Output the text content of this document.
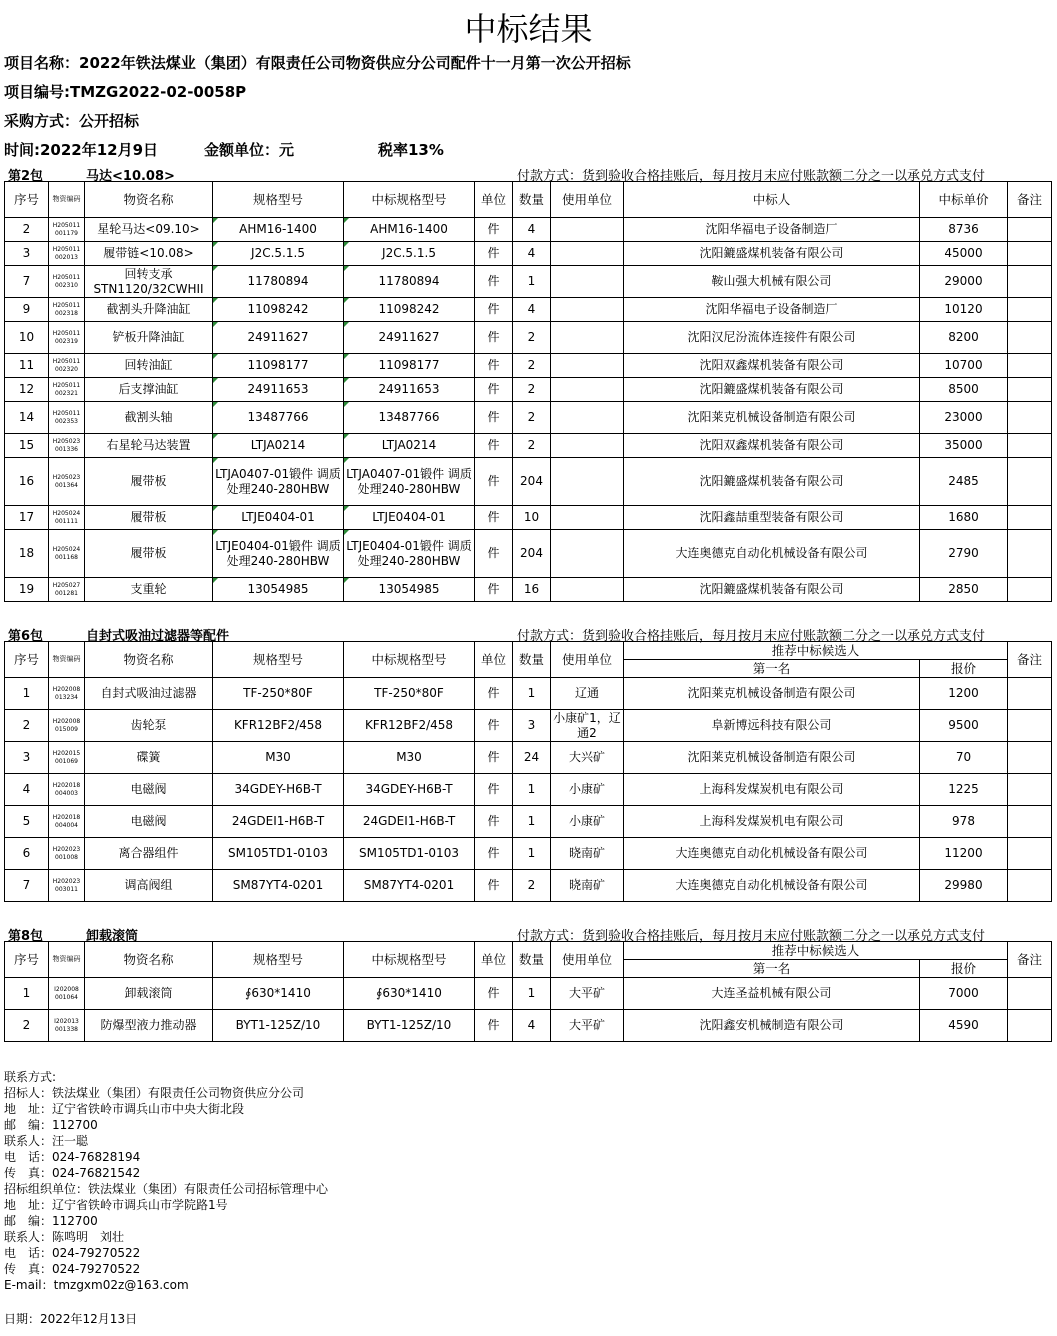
中标结果
项目名称：2022年铁法煤业（集团）有限责任公司物资供应分公司配件十一月第一次公开招标
项目编号:TMZG2022-02-0058P
采购方式：公开招标
时间:2022年12月9日	金额单位：元	税率13%
第2包	马达<10.08>	付款方式：货到验收合格挂账后，每月按月末应付账款额二分之一以承兑方式支付
序号	物资编码	物资名称	规格型号	中标规格型号	单位	数量	使用单位	中标人	中标单价	备注
2	H205011 001179	星轮马达<09.10>	AHM16-1400	AHM16-1400	件	4		沈阳华福电子设备制造厂	8736	
3	H205011 002013	履带链<10.08>	J2C.5.1.5	J2C.5.1.5	件	4		沈阳鏕盛煤机装备有限公司	45000	
7	H205011 002310	回转支承 STN1120/32CWHII	11780894	11780894	件	1		鞍山强大机械有限公司	29000	
9	H205011 002318	截割头升降油缸	11098242	11098242	件	4		沈阳华福电子设备制造厂	10120	
10	H205011 002319	铲板升降油缸	24911627	24911627	件	2		沈阳汉尼汾流体连接件有限公司	8200	
11	H205011 002320	回转油缸	11098177	11098177	件	2		沈阳双鑫煤机装备有限公司	10700	
12	H205011 002321	后支撑油缸	24911653	24911653	件	2		沈阳鏕盛煤机装备有限公司	8500	
14	H205011 002353	截割头轴	13487766	13487766	件	2		沈阳莱克机械设备制造有限公司	23000	
15	H205023 001336	右星轮马达装置	LTJA0214	LTJA0214	件	2		沈阳双鑫煤机装备有限公司	35000	
16	H205023 001364	履带板	LTJA0407-01锻件 调质处理240-280HBW	LTJA0407-01锻件 调质处理240-280HBW	件	204		沈阳鏕盛煤机装备有限公司	2485	
17	H205024 001111	履带板	LTJE0404-01	LTJE0404-01	件	10		沈阳鑫喆重型装备有限公司	1680	
18	H205024 001168	履带板	LTJE0404-01锻件 调质处理240-280HBW	LTJE0404-01锻件 调质处理240-280HBW	件	204		大连奥德克自动化机械设备有限公司	2790	
19	H205027 001281	支重轮	13054985	13054985	件	16		沈阳鏕盛煤机装备有限公司	2850	
第6包	自封式吸油过滤器等配件	付款方式：货到验收合格挂账后，每月按月末应付账款额二分之一以承兑方式支付
序号	物资编码	物资名称	规格型号	中标规格型号	单位	数量	使用单位	推荐中标候选人		备注
								第一名	报价	
1	H202008 013234	自封式吸油过滤器	TF-250*80F	TF-250*80F	件	1	辽通	沈阳莱克机械设备制造有限公司	1200	
2	H202008 015009	齿轮泵	KFR12BF2/458	KFR12BF2/458	件	3	小康矿1，辽通2	阜新博远科技有限公司	9500	
3	H202015 001069	碟簧	M30	M30	件	24	大兴矿	沈阳莱克机械设备制造有限公司	70	
4	H202018 004003	电磁阀	34GDEY-H6B-T	34GDEY-H6B-T	件	1	小康矿	上海科发煤炭机电有限公司	1225	
5	H202018 004004	电磁阀	24GDEI1-H6B-T	24GDEI1-H6B-T	件	1	小康矿	上海科发煤炭机电有限公司	978	
6	H202023 001008	离合器组件	SM105TD1-0103	SM105TD1-0103	件	1	晓南矿	大连奥德克自动化机械设备有限公司	11200	
7	H202023 003011	调高阀组	SM87YT4-0201	SM87YT4-0201	件	2	晓南矿	大连奥德克自动化机械设备有限公司	29980	
第8包	卸载滚筒	付款方式：货到验收合格挂账后，每月按月末应付账款额二分之一以承兑方式支付
序号	物资编码	物资名称	规格型号	中标规格型号	单位	数量	使用单位	推荐中标候选人		备注
								第一名	报价	
1	I202008 001064	卸载滚筒	∮630*1410	∮630*1410	件	1	大平矿	大连圣益机械有限公司	7000	
2	I202013 001338	防爆型液力推动器	BYT1-125Z/10	BYT1-125Z/10	件	4	大平矿	沈阳鑫安机械制造有限公司	4590	
联系方式:
招标人：铁法煤业（集团）有限责任公司物资供应分公司
地　址：辽宁省铁岭市调兵山市中央大街北段
邮　编：112700
联系人：汪一聪
电　话：024-76828194
传　真：024-76821542
招标组织单位：铁法煤业（集团）有限责任公司招标管理中心
地　址：辽宁省铁岭市调兵山市学院路1号
邮　编：112700
联系人：陈鸣明　刘壮
电　话：024-79270522
传　真：024-79270522
E-mail：tmzgxm02z@163.com
日期：2022年12月13日
